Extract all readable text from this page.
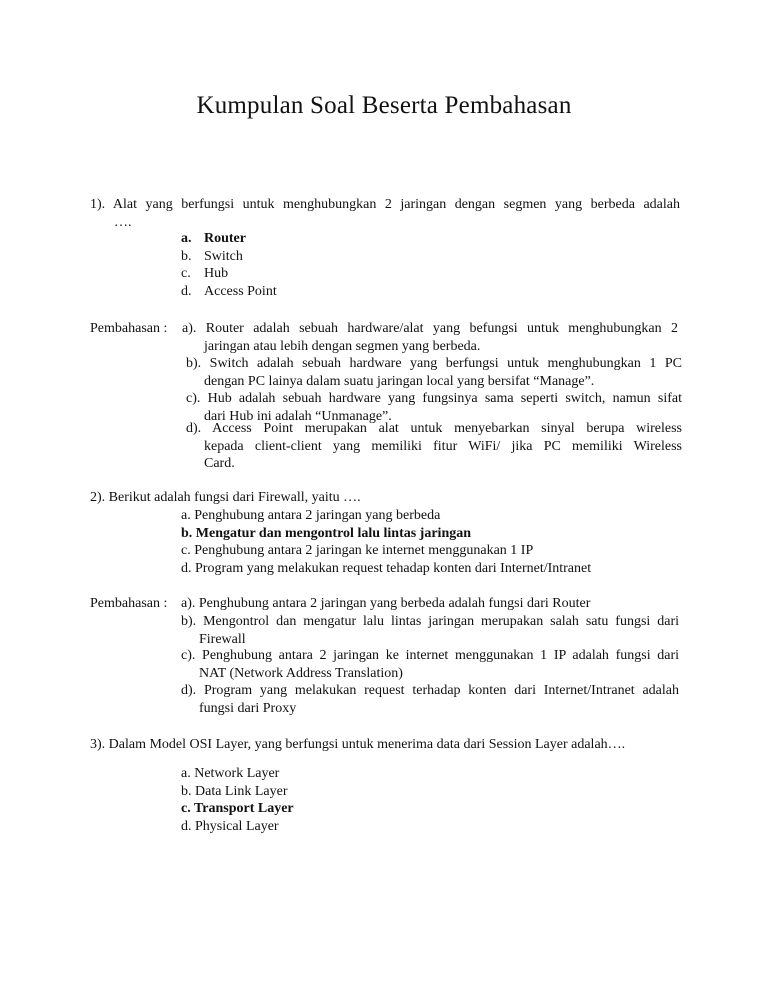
Kumpulan Soal Beserta Pembahasan
1). Alat yang berfungsi untuk menghubungkan 2 jaringan dengan segmen yang berbeda adalah
….
a. Router
b. Switch
c. Hub
d. Access Point
Pembahasan : a). Router adalah sebuah hardware/alat yang befungsi untuk menghubungkan 2
jaringan atau lebih dengan segmen yang berbeda.
b). Switch adalah sebuah hardware yang berfungsi untuk menghubungkan 1 PC
dengan PC lainya dalam suatu jaringan local yang bersifat “Manage”.
c). Hub adalah sebuah hardware yang fungsinya sama seperti switch, namun sifat
dari Hub ini adalah “Unmanage”.
d). Access Point merupakan alat untuk menyebarkan sinyal berupa wireless
kepada client-client yang memiliki fitur WiFi/ jika PC memiliki Wireless
Card.
2). Berikut adalah fungsi dari Firewall, yaitu ….
a. Penghubung antara 2 jaringan yang berbeda
b. Mengatur dan mengontrol lalu lintas jaringan
c. Penghubung antara 2 jaringan ke internet menggunakan 1 IP
d. Program yang melakukan request tehadap konten dari Internet/Intranet
Pembahasan : a). Penghubung antara 2 jaringan yang berbeda adalah fungsi dari Router
b). Mengontrol dan mengatur lalu lintas jaringan merupakan salah satu fungsi dari
Firewall
c). Penghubung antara 2 jaringan ke internet menggunakan 1 IP adalah fungsi dari
NAT (Network Address Translation)
d). Program yang melakukan request terhadap konten dari Internet/Intranet adalah
fungsi dari Proxy
3). Dalam Model OSI Layer, yang berfungsi untuk menerima data dari Session Layer adalah….
a. Network Layer
b. Data Link Layer
c. Transport Layer
d. Physical Layer
